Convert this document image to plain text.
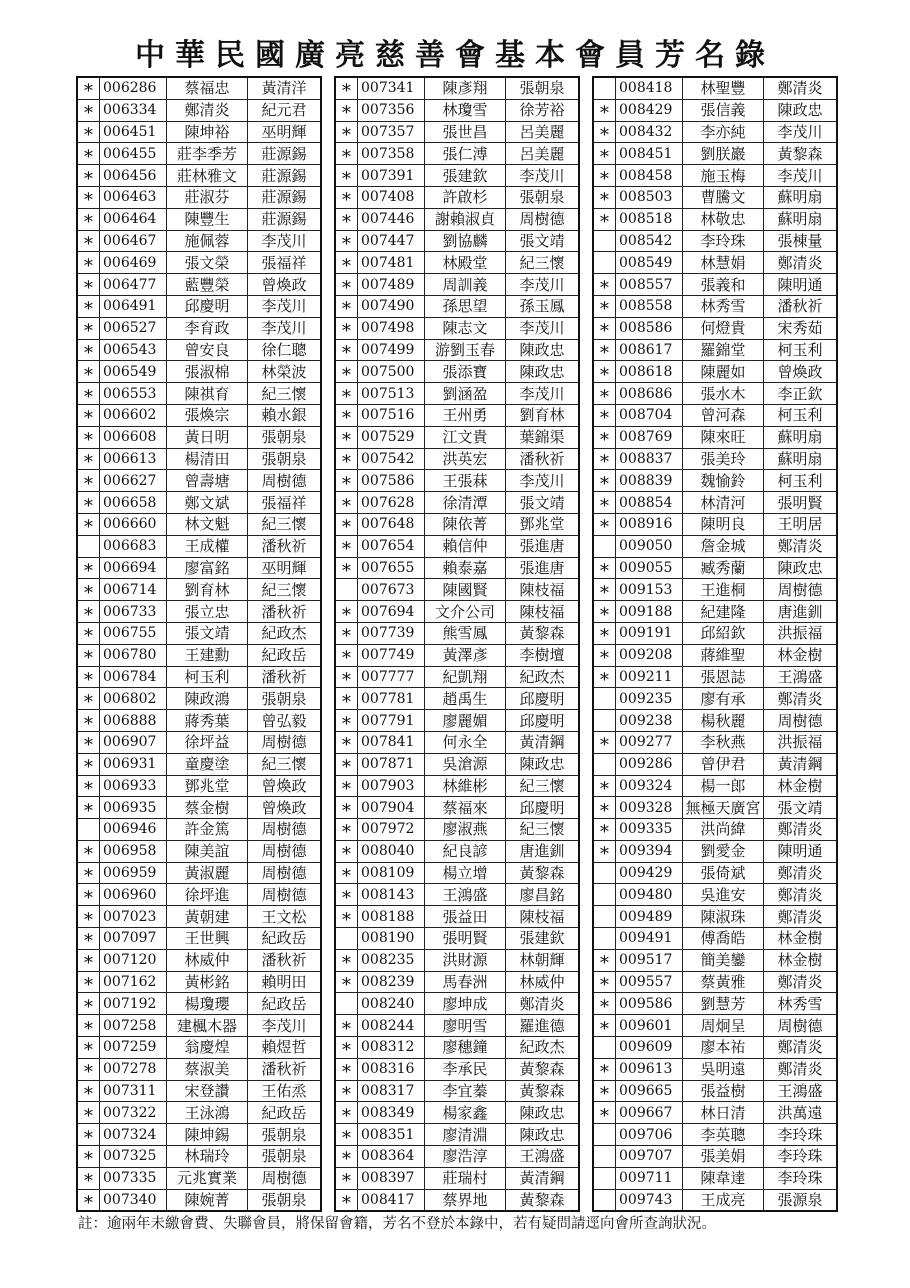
中華民國廣亮慈善會基本會員芳名錄
∗	006286	蔡福忠	黃清洋
∗	006334	鄭清炎	紀元君
∗	006451	陳坤裕	巫明輝
∗	006455	莊李季芳	莊源錫
∗	006456	莊林雅文	莊源錫
∗	006463	莊淑芬	莊源錫
∗	006464	陳豐生	莊源錫
∗	006467	施佩蓉	李茂川
∗	006469	張文榮	張福祥
∗	006477	藍豐榮	曾煥政
∗	006491	邱慶明	李茂川
∗	006527	李育政	李茂川
∗	006543	曾安良	徐仁聰
∗	006549	張淑棉	林榮波
∗	006553	陳祺育	紀三懷
∗	006602	張煥宗	賴水銀
∗	006608	黃日明	張朝泉
∗	006613	楊清田	張朝泉
∗	006627	曾壽塘	周樹德
∗	006658	鄭文斌	張福祥
∗	006660	林文魁	紀三懷
	006683	王成權	潘秋祈
∗	006694	廖富銘	巫明輝
∗	006714	劉育林	紀三懷
∗	006733	張立忠	潘秋祈
∗	006755	張文靖	紀政杰
∗	006780	王建勳	紀政岳
∗	006784	柯玉利	潘秋祈
∗	006802	陳政鴻	張朝泉
∗	006888	蔣秀葉	曾弘毅
∗	006907	徐坪益	周樹德
∗	006931	童慶塗	紀三懷
∗	006933	鄧兆堂	曾煥政
∗	006935	蔡金樹	曾煥政
	006946	許金篤	周樹德
∗	006958	陳美誼	周樹德
∗	006959	黃淑麗	周樹德
∗	006960	徐坪進	周樹德
∗	007023	黃朝建	王文松
∗	007097	王世興	紀政岳
∗	007120	林威仲	潘秋祈
∗	007162	黃彬銘	賴明田
∗	007192	楊瓊瓔	紀政岳
∗	007258	建楓木器	李茂川
∗	007259	翁慶煌	賴煜哲
∗	007278	蔡淑美	潘秋祈
∗	007311	宋登讚	王佑烝
∗	007322	王泳鴻	紀政岳
∗	007324	陳坤錫	張朝泉
∗	007325	林瑞玲	張朝泉
∗	007335	元兆實業	周樹德
∗	007340	陳婉菁	張朝泉
∗	007341	陳彥翔	張朝泉
∗	007356	林瓊雪	徐芳裕
∗	007357	張世昌	呂美麗
∗	007358	張仁溥	呂美麗
∗	007391	張建欽	李茂川
∗	007408	許啟杉	張朝泉
∗	007446	謝賴淑貞	周樹德
∗	007447	劉協麟	張文靖
∗	007481	林殿堂	紀三懷
∗	007489	周訓義	李茂川
∗	007490	孫思望	孫玉鳳
∗	007498	陳志文	李茂川
∗	007499	游劉玉春	陳政忠
∗	007500	張添寶	陳政忠
∗	007513	劉涵盈	李茂川
∗	007516	王州勇	劉育林
∗	007529	江文貴	葉錦渠
∗	007542	洪英宏	潘秋祈
∗	007586	王張菻	李茂川
∗	007628	徐清潭	張文靖
∗	007648	陳依菁	鄧兆堂
∗	007654	賴信仲	張進唐
∗	007655	賴泰嘉	張進唐
	007673	陳國賢	陳枝福
∗	007694	文介公司	陳枝福
∗	007739	熊雪鳳	黃黎森
∗	007749	黃澤彥	李樹壇
∗	007777	紀凱翔	紀政杰
∗	007781	趙禹生	邱慶明
∗	007791	廖麗媚	邱慶明
∗	007841	何永全	黃清鋼
∗	007871	吳滄源	陳政忠
∗	007903	林維彬	紀三懷
∗	007904	蔡福來	邱慶明
∗	007972	廖淑燕	紀三懷
∗	008040	紀良諺	唐進釧
∗	008109	楊立增	黃黎森
∗	008143	王鴻盛	廖昌銘
∗	008188	張益田	陳枝福
	008190	張明賢	張建欽
∗	008235	洪財源	林朝輝
∗	008239	馬春洲	林威仲
	008240	廖坤成	鄭清炎
∗	008244	廖明雪	羅進德
∗	008312	廖穗鐘	紀政杰
∗	008316	李承民	黃黎森
∗	008317	李宜蓁	黃黎森
∗	008349	楊家鑫	陳政忠
∗	008351	廖清淵	陳政忠
∗	008364	廖浩淳	王鴻盛
∗	008397	莊瑞村	黃清鋼
∗	008417	蔡界地	黃黎森
	008418	林聖豐	鄭清炎
∗	008429	張信義	陳政忠
∗	008432	李亦純	李茂川
∗	008451	劉朕巖	黃黎森
∗	008458	施玉梅	李茂川
∗	008503	曹騰文	蘇明扇
∗	008518	林敬忠	蘇明扇
	008542	李玲珠	張棟量
	008549	林慧娟	鄭清炎
∗	008557	張義和	陳明通
∗	008558	林秀雪	潘秋祈
∗	008586	何燈貴	宋秀茹
∗	008617	羅錦堂	柯玉利
∗	008618	陳麗如	曾煥政
∗	008686	張水木	李正欽
∗	008704	曾河森	柯玉利
∗	008769	陳來旺	蘇明扇
∗	008837	張美玲	蘇明扇
∗	008839	魏愉鈴	柯玉利
∗	008854	林清河	張明賢
∗	008916	陳明良	王明居
	009050	詹金城	鄭清炎
∗	009055	臧秀蘭	陳政忠
∗	009153	王進桐	周樹德
∗	009188	紀建隆	唐進釧
∗	009191	邱紹欽	洪振福
∗	009208	蔣維聖	林金樹
∗	009211	張恩誌	王鴻盛
	009235	廖有承	鄭清炎
	009238	楊秋麗	周樹德
∗	009277	李秋燕	洪振福
	009286	曾伊君	黃清鋼
∗	009324	楊一郎	林金樹
∗	009328	無極天廣宮	張文靖
∗	009335	洪尚緯	鄭清炎
∗	009394	劉愛金	陳明通
	009429	張倚斌	鄭清炎
	009480	吳進安	鄭清炎
	009489	陳淑珠	鄭清炎
	009491	傅喬皓	林金樹
∗	009517	簡美鑾	林金樹
∗	009557	蔡黃雅	鄭清炎
∗	009586	劉慧芳	林秀雪
∗	009601	周炯呈	周樹德
	009609	廖本祐	鄭清炎
∗	009613	吳明遠	鄭清炎
∗	009665	張益樹	王鴻盛
∗	009667	林日清	洪萬遠
	009706	李英聰	李玲珠
	009707	張美娟	李玲珠
	009711	陳韋達	李玲珠
	009743	王成亮	張源泉
註：逾兩年未繳會費、失聯會員，將保留會籍，芳名不登於本錄中，若有疑問請逕向會所查詢狀況。
